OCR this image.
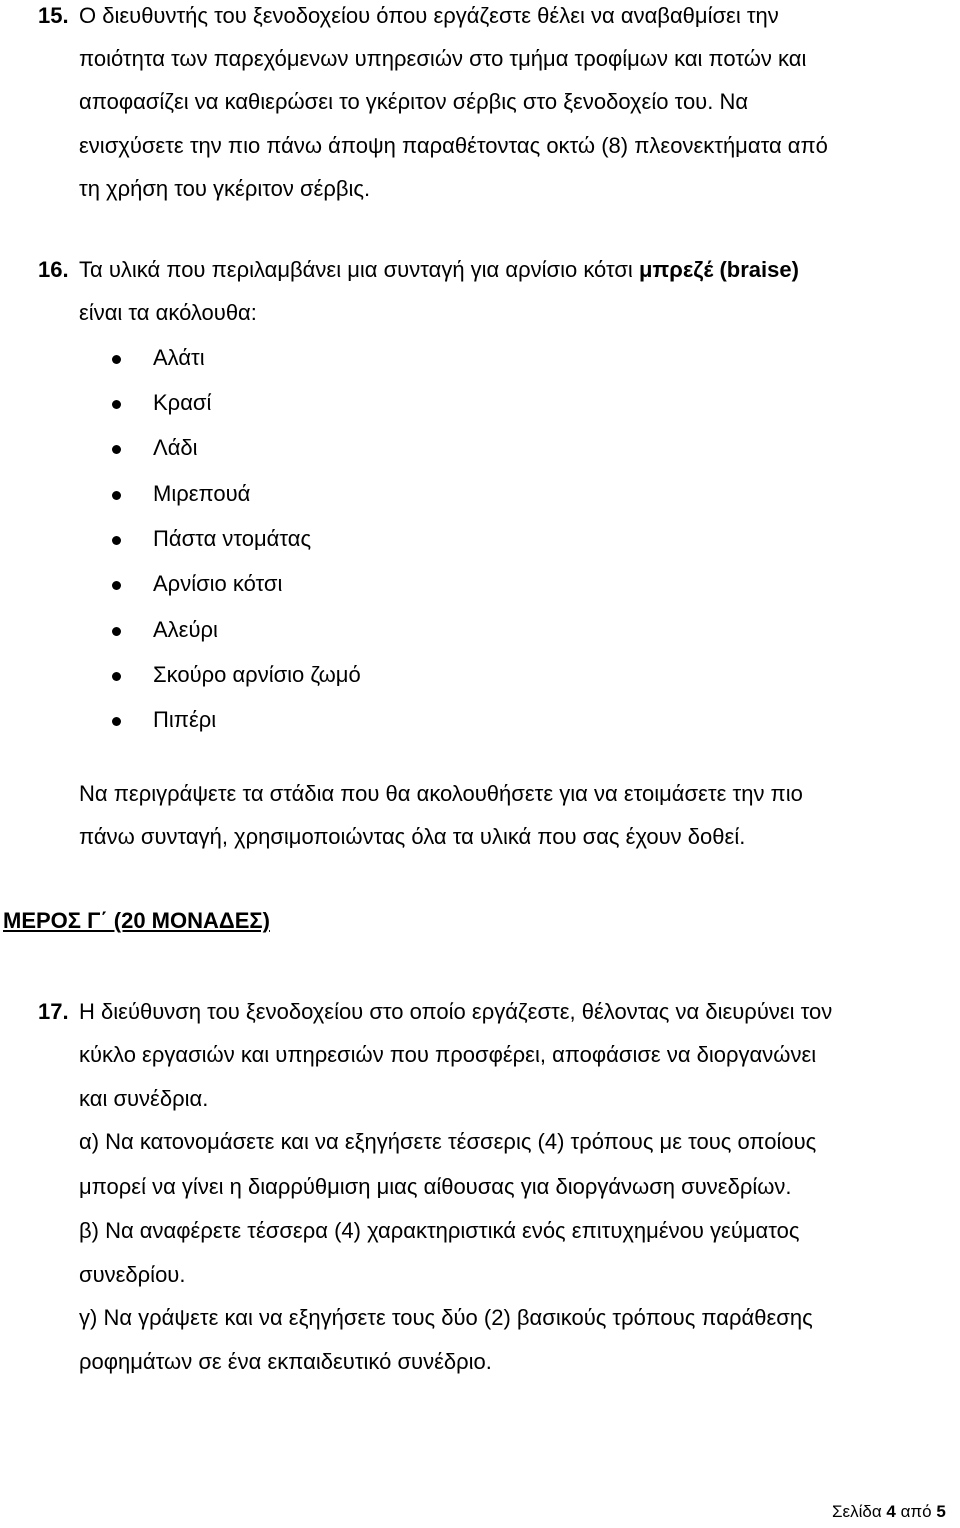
15. Ο διευθυντής του ξενοδοχείου όπου εργάζεστε θέλει να αναβαθμίσει την
ποιότητα των παρεχόμενων υπηρεσιών στο τμήμα τροφίμων και ποτών και
αποφασίζει να καθιερώσει το γκέριτον σέρβις στο ξενοδοχείο του. Να
ενισχύσετε την πιο πάνω άποψη παραθέτοντας οκτώ (8) πλεονεκτήματα από
τη χρήση του γκέριτον σέρβις.
16. Τα υλικά που περιλαμβάνει μια συνταγή για αρνίσιο κότσι μπρεζέ (braise)
είναι τα ακόλουθα:
Αλάτι
Κρασί
Λάδι
Μιρεπουά
Πάστα ντομάτας
Αρνίσιο κότσι
Αλεύρι
Σκούρο αρνίσιο ζωμό
Πιπέρι
Να περιγράψετε τα στάδια που θα ακολουθήσετε για να ετοιμάσετε την πιο
πάνω συνταγή, χρησιμοποιώντας όλα τα υλικά που σας έχουν δοθεί.
ΜΕΡΟΣ Γ΄ (20 ΜΟΝΑΔΕΣ)
17. Η διεύθυνση του ξενοδοχείου στο οποίο εργάζεστε, θέλοντας να διευρύνει τον
κύκλο εργασιών και υπηρεσιών που προσφέρει, αποφάσισε να διοργανώνει
και συνέδρια.
α) Να κατονομάσετε και να εξηγήσετε τέσσερις (4) τρόπους με τους οποίους
μπορεί να γίνει η διαρρύθμιση μιας αίθουσας για διοργάνωση συνεδρίων.
β) Να αναφέρετε τέσσερα (4) χαρακτηριστικά ενός επιτυχημένου γεύματος
συνεδρίου.
γ) Να γράψετε και να εξηγήσετε τους δύο (2) βασικούς τρόπους παράθεσης
ροφημάτων σε ένα εκπαιδευτικό συνέδριο.
Σελίδα 4 από 5
